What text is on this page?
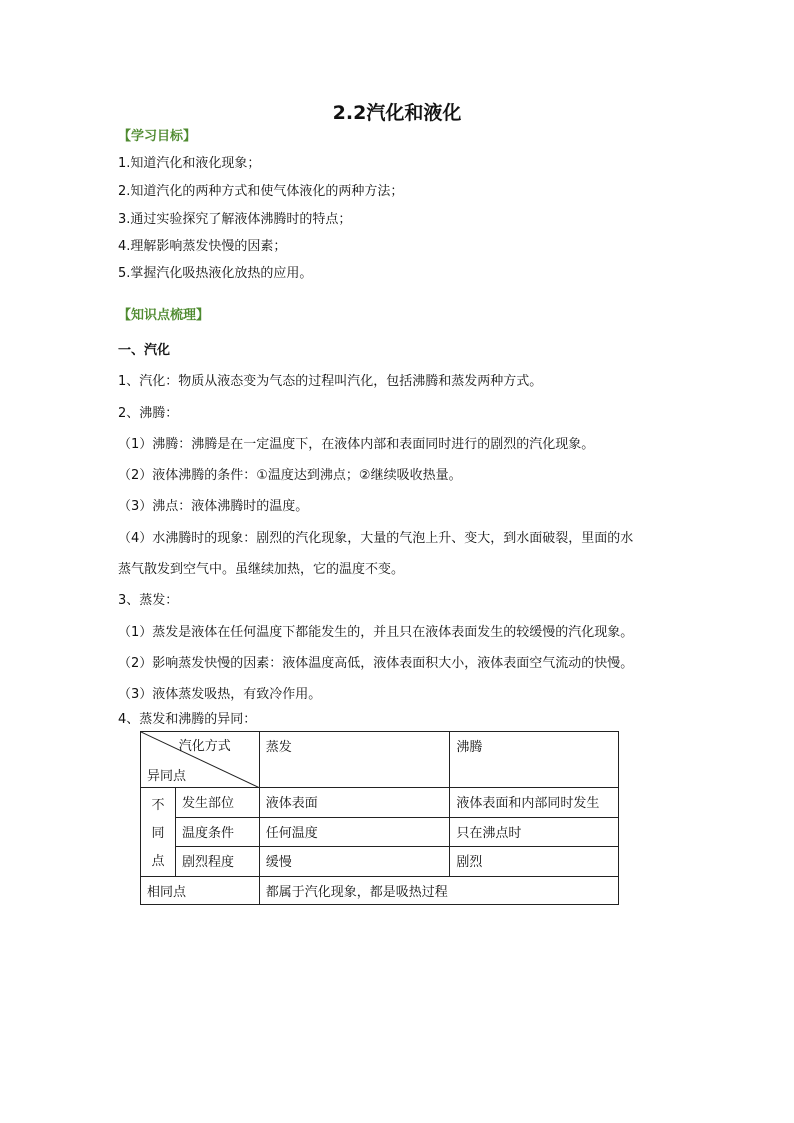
2.2汽化和液化
【学习目标】
1.知道汽化和液化现象；
2.知道汽化的两种方式和使气体液化的两种方法；
3.通过实验探究了解液体沸腾时的特点；
4.理解影响蒸发快慢的因素；
5.掌握汽化吸热液化放热的应用。
【知识点梳理】
一、汽化
1、汽化：物质从液态变为气态的过程叫汽化，包括沸腾和蒸发两种方式。
2、沸腾：
（1）沸腾：沸腾是在一定温度下，在液体内部和表面同时进行的剧烈的汽化现象。
（2）液体沸腾的条件：①温度达到沸点；②继续吸收热量。
（3）沸点：液体沸腾时的温度。
（4）水沸腾时的现象：剧烈的汽化现象，大量的气泡上升、变大，到水面破裂，里面的水
蒸气散发到空气中。虽继续加热，它的温度不变。
3、蒸发：
（1）蒸发是液体在任何温度下都能发生的，并且只在液体表面发生的较缓慢的汽化现象。
（2）影响蒸发快慢的因素：液体温度高低，液体表面积大小，液体表面空气流动的快慢。
（3）液体蒸发吸热，有致冷作用。
4、蒸发和沸腾的异同：
汽化方式
异同点		蒸发	沸腾
不
同
点	发生部位	液体表面	液体表面和内部同时发生
	温度条件	任何温度	只在沸点时
	剧烈程度	缓慢	剧烈
相同点		都属于汽化现象，都是吸热过程	
